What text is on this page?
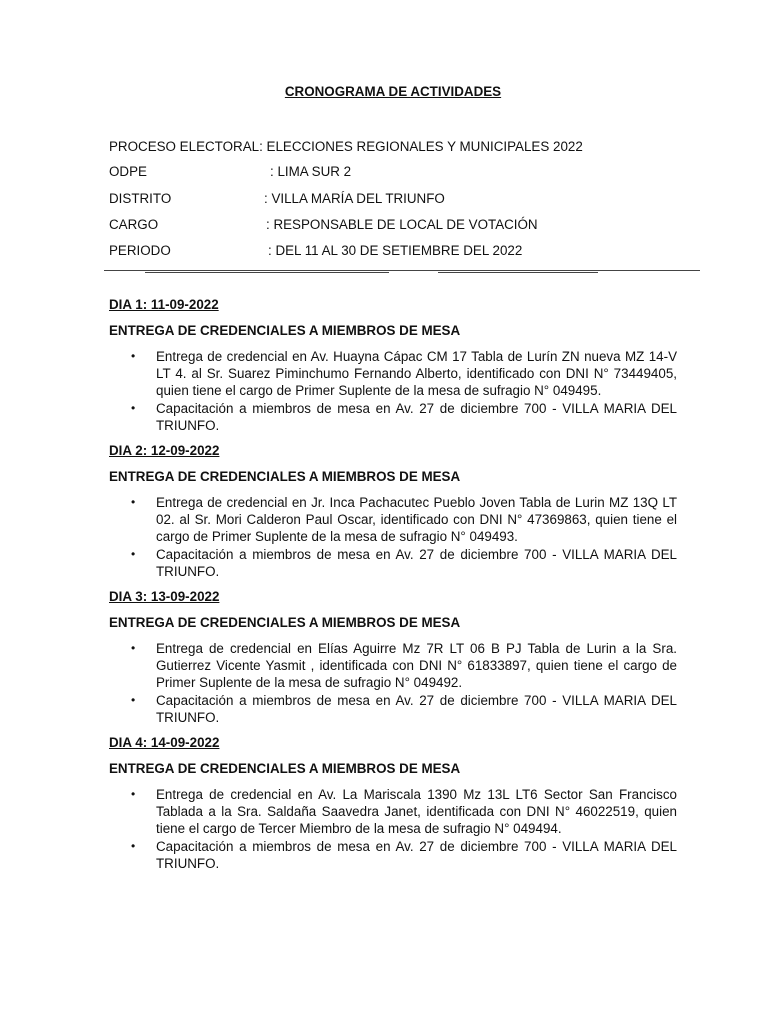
CRONOGRAMA DE ACTIVIDADES
PROCESO ELECTORAL: ELECCIONES REGIONALES Y MUNICIPALES 2022
ODPE	: LIMA SUR 2
DISTRITO	: VILLA MARÍA DEL TRIUNFO
CARGO	: RESPONSABLE DE LOCAL DE VOTACIÓN
PERIODO	: DEL 11 AL 30 DE SETIEMBRE DEL 2022

DIA 1: 11-09-2022

ENTREGA DE CREDENCIALES A MIEMBROS DE MESA

• Entrega de credencial en Av. Huayna Cápac CM 17 Tabla de Lurín ZN nueva MZ 14-V LT 4. al Sr. Suarez Piminchumo Fernando Alberto, identificado con DNI N° 73449405, quien tiene el cargo de Primer Suplente de la mesa de sufragio N° 049495.
• Capacitación a miembros de mesa en Av. 27 de diciembre 700 - VILLA MARIA DEL TRIUNFO.

DIA 2: 12-09-2022

ENTREGA DE CREDENCIALES A MIEMBROS DE MESA

• Entrega de credencial en Jr. Inca Pachacutec Pueblo Joven Tabla de Lurin MZ 13Q LT 02. al Sr. Mori Calderon Paul Oscar, identificado con DNI N° 47369863, quien tiene el cargo de Primer Suplente de la mesa de sufragio N° 049493.
• Capacitación a miembros de mesa en Av. 27 de diciembre 700 - VILLA MARIA DEL TRIUNFO.

DIA 3: 13-09-2022

ENTREGA DE CREDENCIALES A MIEMBROS DE MESA

• Entrega de credencial en Elías Aguirre Mz 7R LT 06 B PJ Tabla de Lurin a la Sra. Gutierrez Vicente Yasmit , identificada con DNI N° 61833897, quien tiene el cargo de Primer Suplente de la mesa de sufragio N° 049492.
• Capacitación a miembros de mesa en Av. 27 de diciembre 700 - VILLA MARIA DEL TRIUNFO.

DIA 4: 14-09-2022

ENTREGA DE CREDENCIALES A MIEMBROS DE MESA

• Entrega de credencial en Av. La Mariscala 1390 Mz 13L LT6 Sector San Francisco Tablada a la Sra. Saldaña Saavedra Janet, identificada con DNI N° 46022519, quien tiene el cargo de Tercer Miembro de la mesa de sufragio N° 049494.
• Capacitación a miembros de mesa en Av. 27 de diciembre 700 - VILLA MARIA DEL TRIUNFO.
